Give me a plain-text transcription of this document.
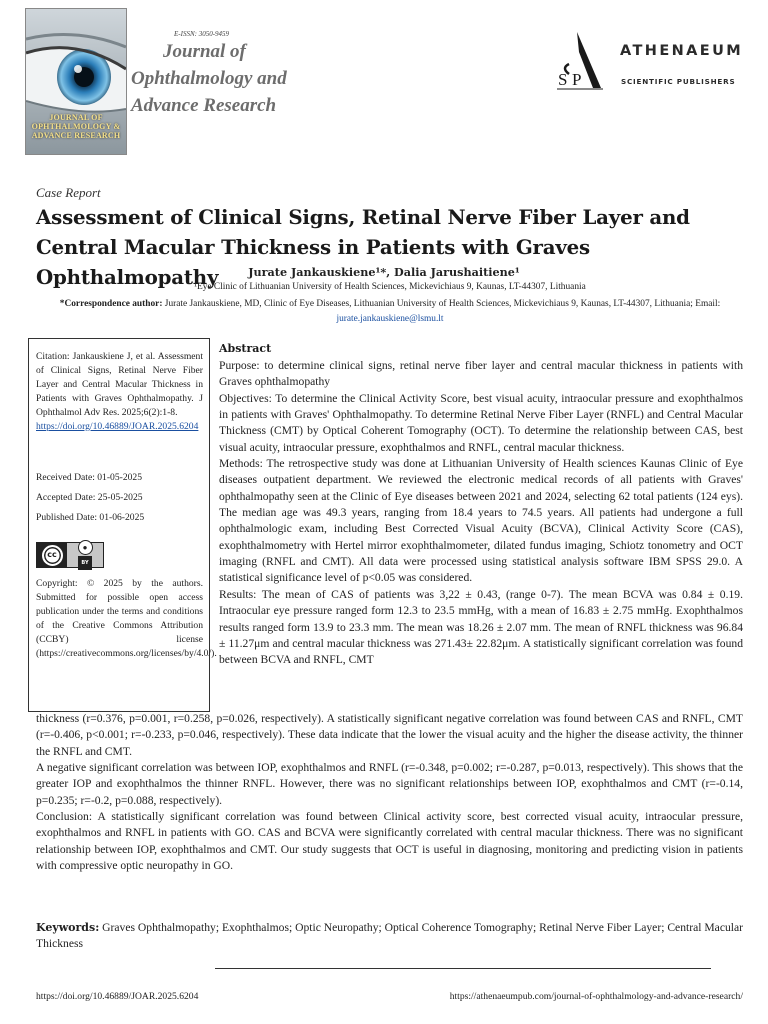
JOURNAL OF OPHTHALMOLOGY & ADVANCE RESEARCH
E-ISSN: 3050-9459
Journal of
Ophthalmology and
Advance Research
S P
ATHENAEUM
SCIENTIFIC PUBLISHERS
Case Report
Assessment of Clinical Signs, Retinal Nerve Fiber Layer and Central Macular Thickness in Patients with Graves Ophthalmopathy	Jurate Jankauskiene¹*, Dalia Jarushaitiene¹
¹Eye Clinic of Lithuanian University of Health Sciences, Mickevichiaus 9, Kaunas, LT-44307, Lithuania
*Correspondence author: Jurate Jankauskiene, MD, Clinic of Eye Diseases, Lithuanian University of Health Sciences, Mickevichiaus 9, Kaunas, LT-44307, Lithuania; Email: jurate.jankauskiene@lsmu.lt

Citation: Jankauskiene J, et al. Assessment of Clinical Signs, Retinal Nerve Fiber Layer and Central Macular Thickness in Patients with Graves Ophthalmopathy. J Ophthalmol Adv Res. 2025;6(2):1-8.

https://doi.org/10.46889/JOAR.2025.6204

Received Date: 01-05-2025

Accepted Date: 25-05-2025

Published Date: 01-06-2025

cc
●
BY

Copyright: © 2025 by the authors. Submitted for possible open access publication under the terms and conditions of the Creative Commons Attribution (CCBY) license (https://creativecommons.org/licenses/by/4.0/).

Abstract

Purpose: to determine clinical signs, retinal nerve fiber layer and central macular thickness in patients with Graves ophthalmopathy

Objectives: To determine the Clinical Activity Score, best visual acuity, intraocular pressure and exophthalmos in patients with Graves' Ophthalmopathy. To determine Retinal Nerve Fiber Layer (RNFL) and Central Macular Thickness (CMT) by Optical Coherent Tomography (OCT). To determine the relationship between CAS, best visual acuity, intraocular pressure, exophthalmos and RNFL, central macular thickness.

Methods: The retrospective study was done at Lithuanian University of Health sciences Kaunas Clinic of Eye diseases outpatient department. We reviewed the electronic medical records of all patients with Graves' ophthalmopathy seen at the Clinic of Eye diseases between 2021 and 2024, selecting 62 total patients (124 eys). The median age was 49.3 years, ranging from 18.4 years to 74.5 years. All patients had undergone a full ophthalmologic exam, including Best Corrected Visual Acuity (BCVA), Clinical Activity Score (CAS), exophthalmometry with Hertel mirror exophthalmometer, dilated fundus imaging, Schiotz tonometry and OCT imaging (RNFL and CMT). All data were processed using statistical analysis software IBM SPSS 29.0. A statistical significance level of p<0.05 was considered.

Results: The mean of CAS of patients was 3,22 ± 0.43, (range 0-7). The mean BCVA was 0.84 ± 0.19. Intraocular eye pressure ranged form 12.3 to 23.5 mmHg, with a mean of 16.83 ± 2.75 mmHg. Exophthalmos results ranged form 13.9 to 23.3 mm. The mean was 18.26 ± 2.07 mm. The mean of RNFL thickness was 96.84 ± 11.27μm and central macular thickness was 271.43± 22.82μm. A statistically significant correlation was found between BCVA and RNFL, CMT

thickness (r=0.376, p=0.001, r=0.258, p=0.026, respectively). A statistically significant negative correlation was found between CAS and RNFL, CMT (r=-0.406, p<0.001; r=-0.233, p=0.046, respectively). These data indicate that the lower the visual acuity and the higher the disease activity, the thinner the RNFL and CMT.

A negative significant correlation was between IOP, exophthalmos and RNFL (r=-0.348, p=0.002; r=-0.287, p=0.013, respectively). This shows that the greater IOP and exophthalmos the thinner RNFL. However, there was no significant relationships between IOP, exophthalmos and CMT (r=-0.14, p=0.235; r=-0.2, p=0.088, respectively).

Conclusion: A statistically significant correlation was found between Clinical activity score, best corrected visual acuity, intraocular pressure, exophthalmos and RNFL in patients with GO. CAS and BCVA were significantly correlated with central macular thickness. There was no significant relationship between IOP, exophthalmos and CMT. Our study suggests that OCT is useful in diagnosing, monitoring and predicting vision in patients with compressive optic neuropathy in GO.

Keywords: Graves Ophthalmopathy; Exophthalmos; Optic Neuropathy; Optical Coherence Tomography; Retinal Nerve Fiber Layer; Central Macular Thickness
https://doi.org/10.46889/JOAR.2025.6204	https://athenaeumpub.com/journal-of-ophthalmology-and-advance-research/
